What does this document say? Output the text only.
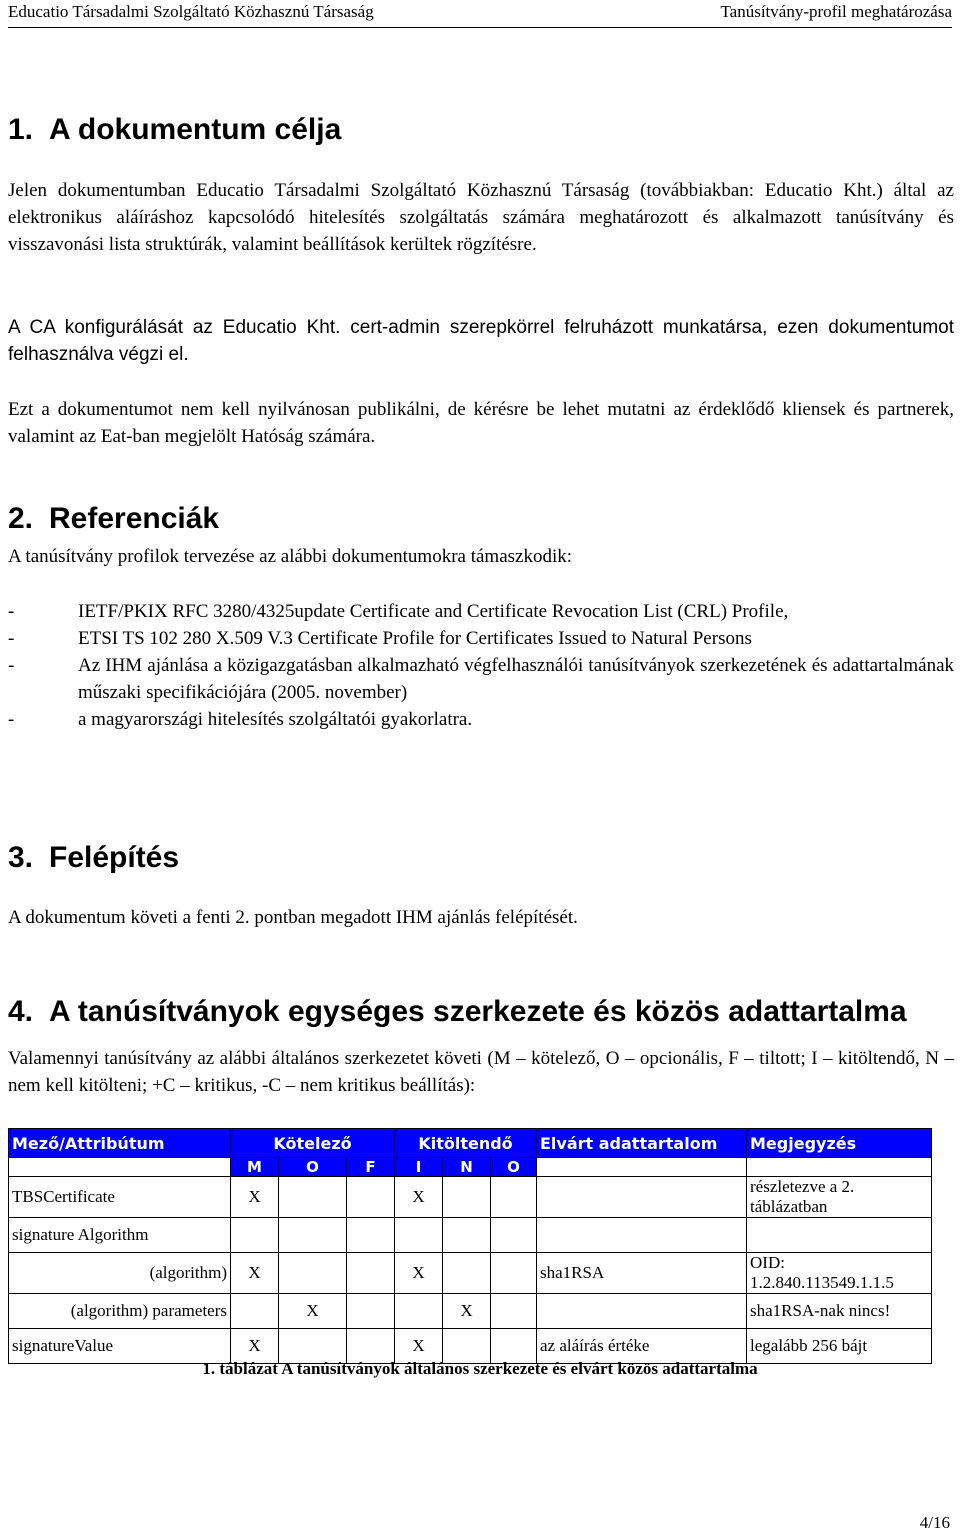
Educatio Társadalmi Szolgáltató Közhasznú Társaság	Tanúsítvány-profil meghatározása
1. A dokumentum célja

Jelen dokumentumban Educatio Társadalmi Szolgáltató Közhasznú Társaság (továbbiakban: Educatio Kht.) által az elektronikus aláíráshoz kapcsolódó hitelesítés szolgáltatás számára meghatározott és alkalmazott tanúsítvány és visszavonási lista struktúrák, valamint beállítások kerültek rögzítésre.

A CA konfigurálását az Educatio Kht. cert-admin szerepkörrel felruházott munkatársa, ezen dokumentumot felhasználva végzi el.

Ezt a dokumentumot nem kell nyilvánosan publikálni, de kérésre be lehet mutatni az érdeklődő kliensek és partnerek, valamint az Eat-ban megjelölt Hatóság számára.

2. Referenciák

A tanúsítvány profilok tervezése az alábbi dokumentumokra támaszkodik:

- IETF/PKIX RFC 3280/4325update Certificate and Certificate Revocation List (CRL) Profile,
- ETSI TS 102 280 X.509 V.3 Certificate Profile for Certificates Issued to Natural Persons
- Az IHM ajánlása a közigazgatásban alkalmazható végfelhasználói tanúsítványok szerkezetének és adattartalmának műszaki specifikációjára (2005. november)
- a magyarországi hitelesítés szolgáltatói gyakorlatra.
3. Felépítés

A dokumentum követi a fenti 2. pontban megadott IHM ajánlás felépítését.

4. A tanúsítványok egységes szerkezete és közös adattartalma

Valamennyi tanúsítvány az alábbi általános szerkezetet követi (M – kötelező, O – opcionális, F – tiltott; I – kitöltendő, N – nem kell kitölteni; +C – kritikus, -C – nem kritikus beállítás):

Mező/Attribútum	Kötelező			Kitöltendő			Elvárt adattartalom	Megjegyzés
	M	O	F	I	N	O		
TBSCertificate	X			X				részletezve a 2. táblázatban
signature Algorithm								
(algorithm)	X			X			sha1RSA	OID: 1.2.840.113549.1.1.5
(algorithm) parameters		X			X			sha1RSA-nak nincs!
signatureValue	X			X			az aláírás értéke	legalább 256 bájt
1. táblázat A tanúsítványok általános szerkezete és elvárt közös adattartalma
4/16
